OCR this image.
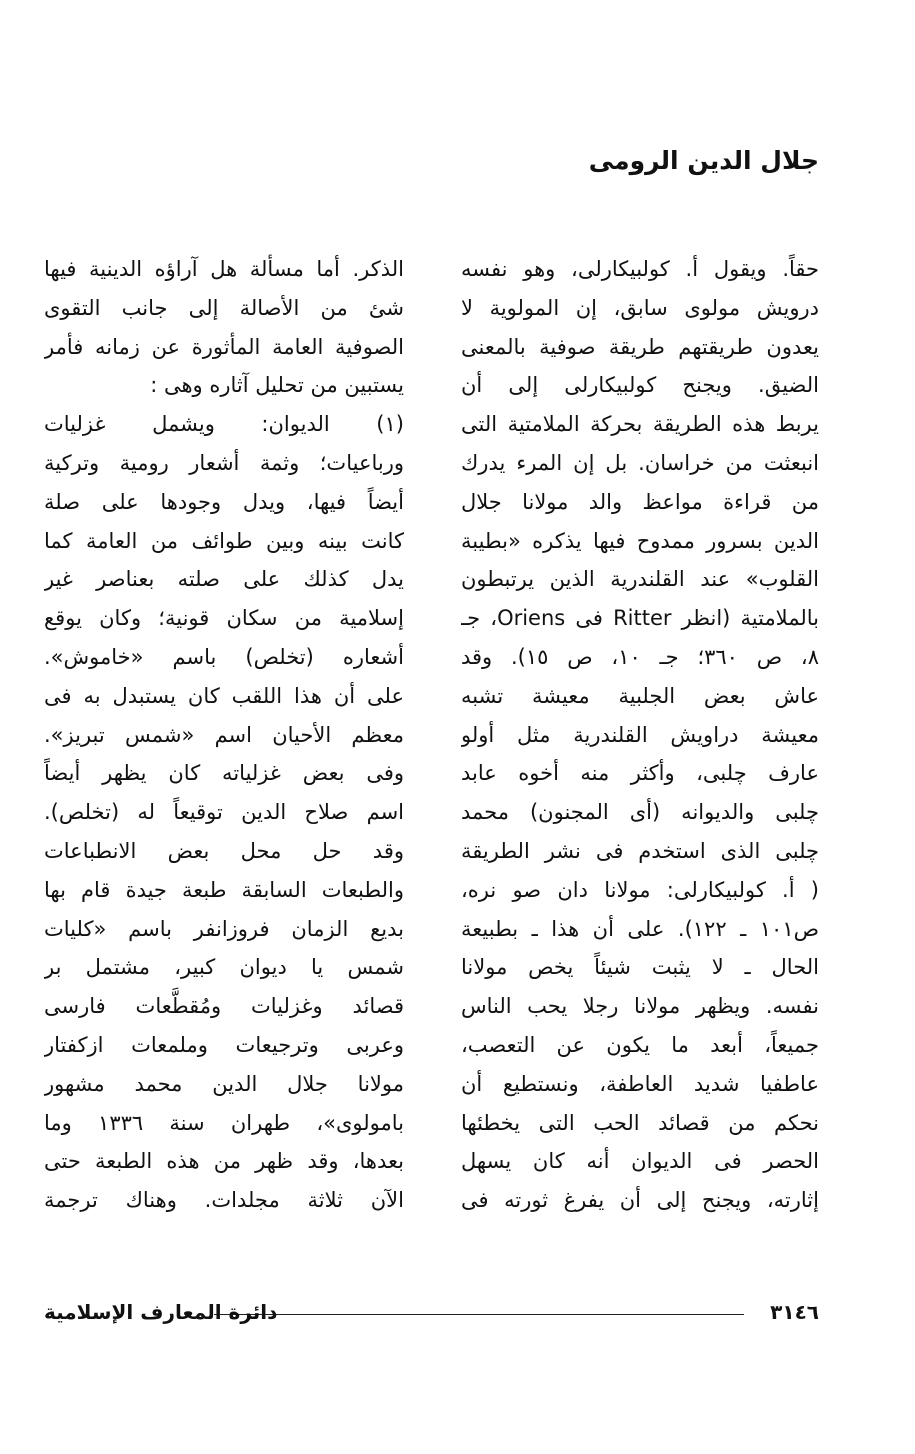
جلال الدين الرومى
حقاً. ويقول أ. كولبيكارلى، وهو نفسه
درويش مولوى سابق، إن المولوية لا
يعدون طريقتهم طريقة صوفية بالمعنى
الضيق. ويجنح كولبيكارلى إلى أن
يربط هذه الطريقة بحركة الملامتية التى
انبعثت من خراسان. بل إن المرء يدرك
من قراءة مواعظ والد مولانا جلال
الدين بسرور ممدوح فيها يذكره «بطيبة
القلوب» عند القلندرية الذين يرتبطون
بالملامتية (انظر Ritter فى Oriens، جـ
٨، ص ٣٦٠؛ جـ ١٠، ص ١٥). وقد
عاش بعض الجلبية معيشة تشبه
معيشة دراويش القلندرية مثل أولو
عارف چلبى، وأكثر منه أخوه عابد
چلبى والديوانه (أى المجنون) محمد
چلبى الذى استخدم فى نشر الطريقة
( أ. كولبيكارلى: مولانا دان صو نره،
ص١٠١ ـ ١٢٢). على أن هذا ـ بطبيعة
الحال ـ لا يثبت شيئاً يخص مولانا
نفسه. ويظهر مولانا رجلا يحب الناس
جميعاً، أبعد ما يكون عن التعصب،
عاطفيا شديد العاطفة، ونستطيع أن
نحكم من قصائد الحب التى يخطئها
الحصر فى الديوان أنه كان يسهل
إثارته، ويجنح إلى أن يفرغ ثورته فى
الذكر. أما مسألة هل آراؤه الدينية فيها
شئ من الأصالة إلى جانب التقوى
الصوفية العامة المأثورة عن زمانه فأمر
يستبين من تحليل آثاره وهى :
(١) الديوان: ويشمل غزليات
ورباعيات؛ وثمة أشعار رومية وتركية
أيضاً فيها، ويدل وجودها على صلة
كانت بينه وبين طوائف من العامة كما
يدل كذلك على صلته بعناصر غير
إسلامية من سكان قونية؛ وكان يوقع
أشعاره (تخلص) باسم «خاموش».
على أن هذا اللقب كان يستبدل به فى
معظم الأحيان اسم «شمس تبريز».
وفى بعض غزلياته كان يظهر أيضاً
اسم صلاح الدين توقيعاً له (تخلص).
وقد حل محل بعض الانطباعات
والطبعات السابقة طبعة جيدة قام بها
بديع الزمان فروزانفر باسم «كليات
شمس يا ديوان كبير، مشتمل بر
قصائد وغزليات ومُقطَّعات فارسى
وعربى وترجيعات وملمعات ازكفتار
مولانا جلال الدين محمد مشهور
بامولوى»، طهران سنة ١٣٣٦ وما
بعدها، وقد ظهر من هذه الطبعة حتى
الآن ثلاثة مجلدات. وهناك ترجمة
٣١٤٦
دائرة المعارف الإسلامية
